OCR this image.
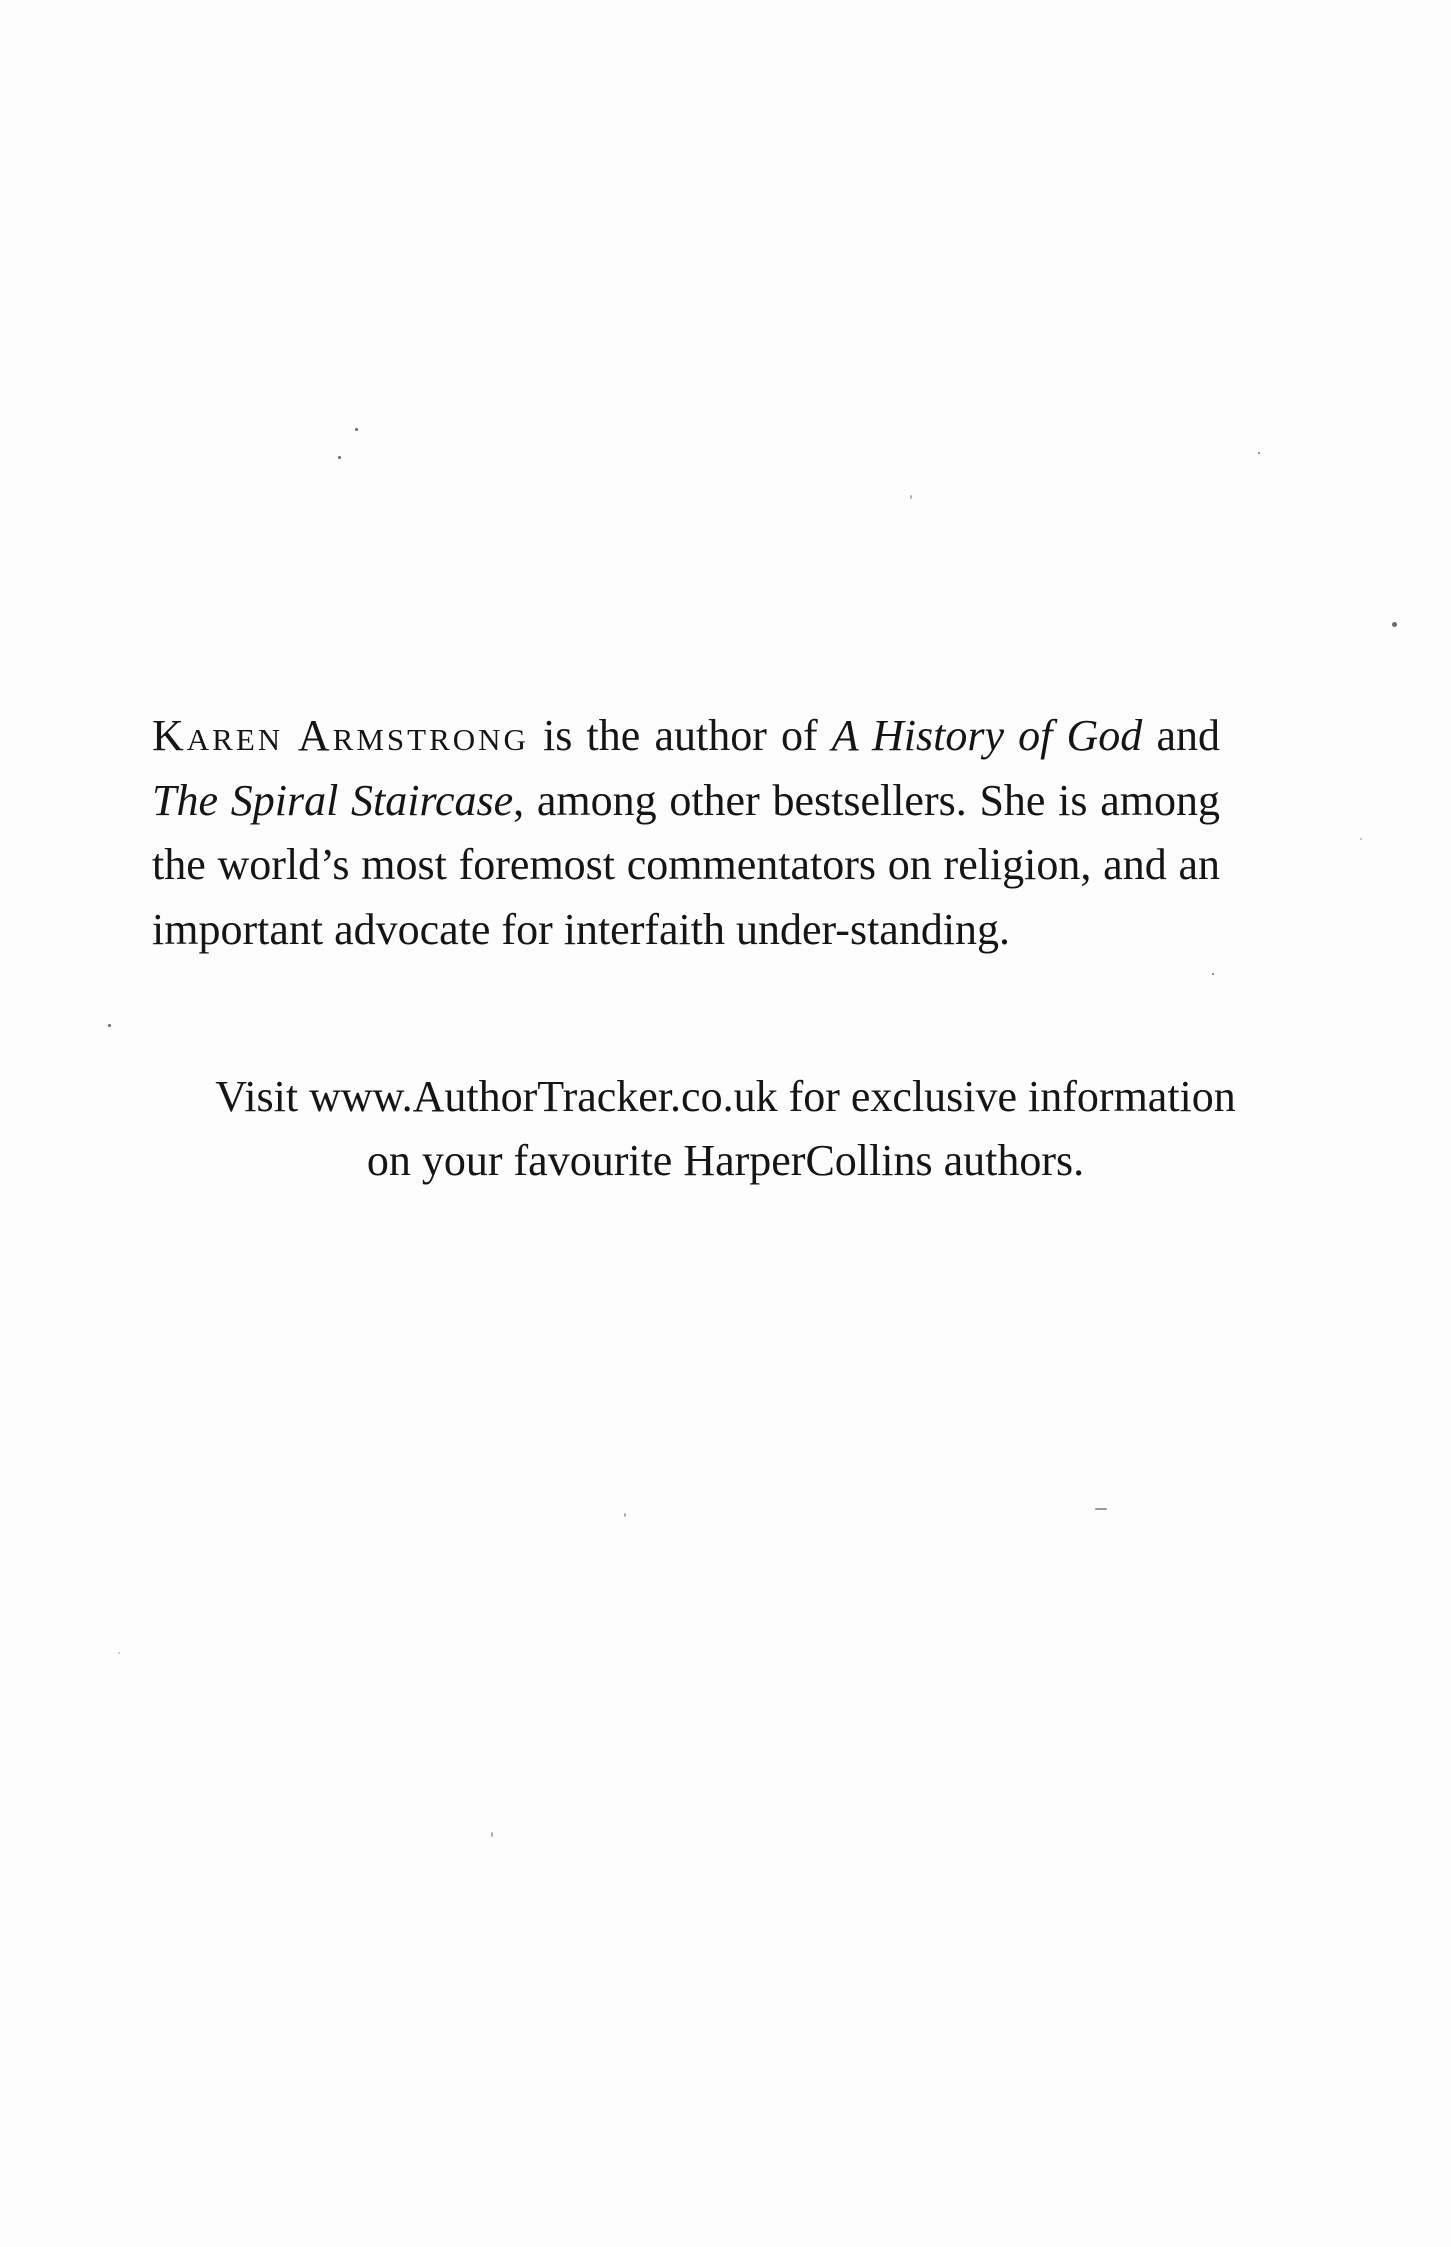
Karen Armstrong is the author of A History of God and The Spiral Staircase, among other bestsellers. She is among the world’s most foremost commentators on religion, and an important advocate for interfaith under-standing.

Visit www.AuthorTracker.co.uk for exclusive information
on your favourite HarperCollins authors.
